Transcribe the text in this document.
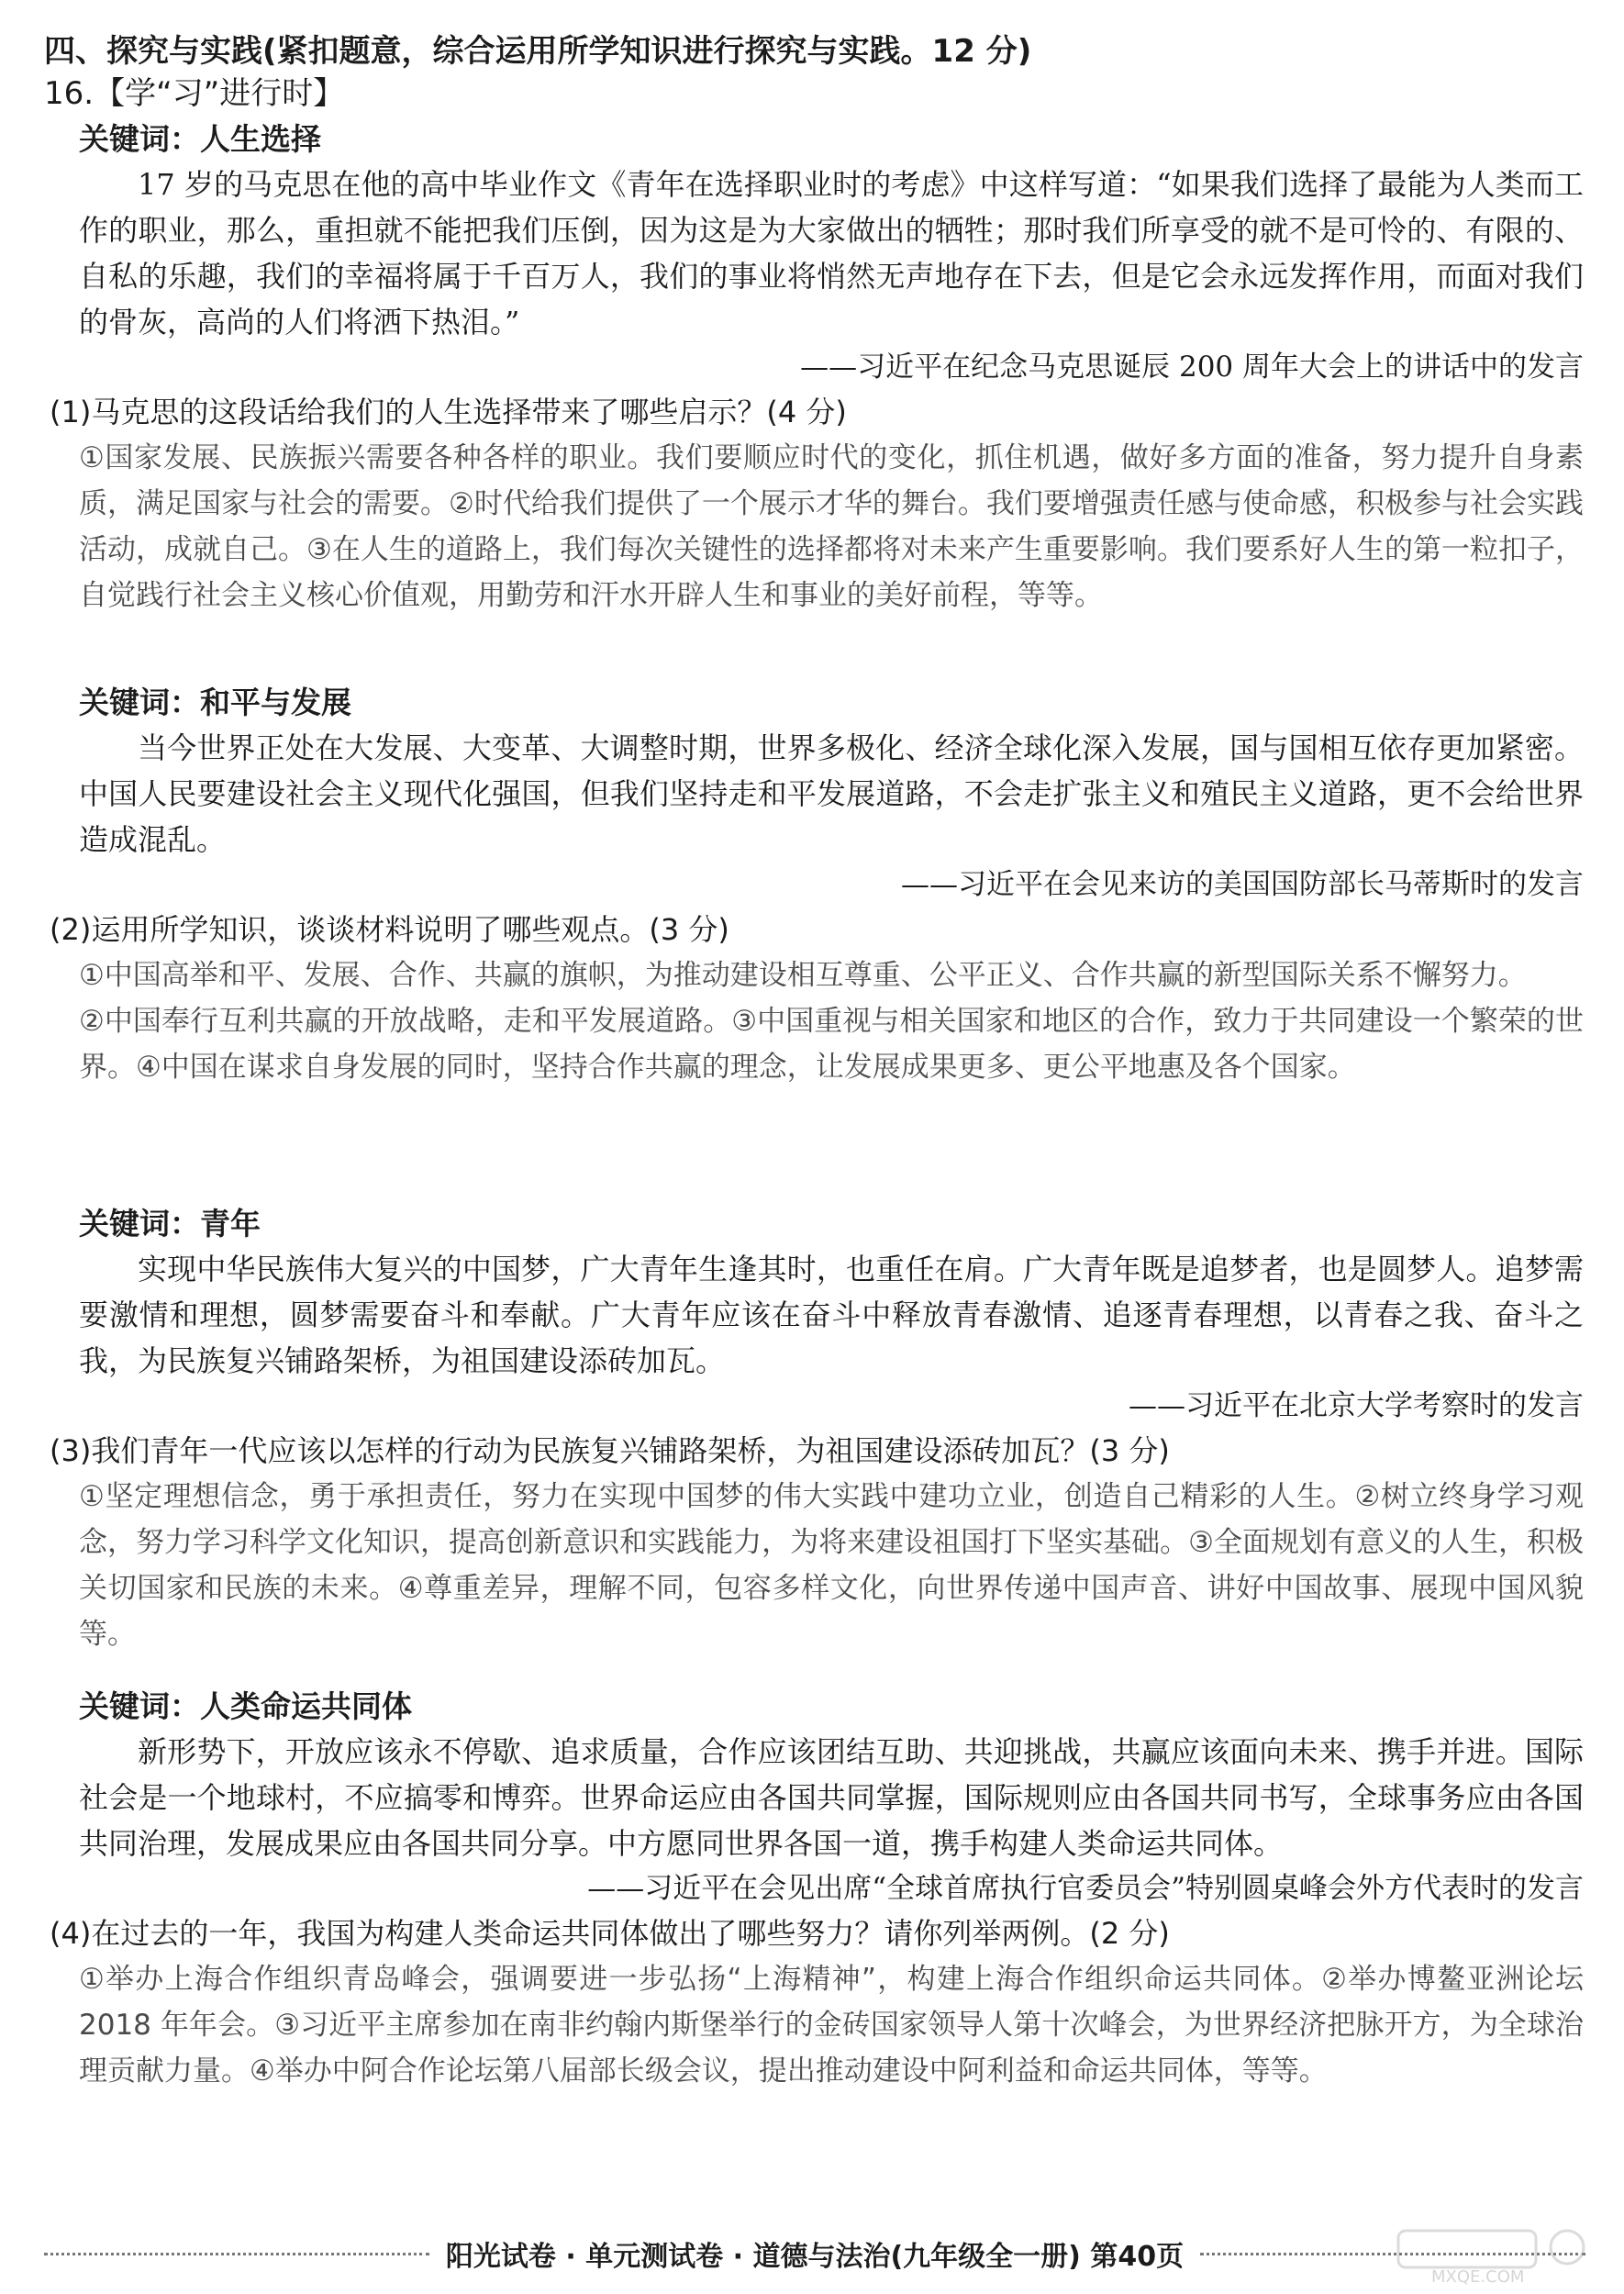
四、探究与实践(紧扣题意，综合运用所学知识进行探究与实践。12 分)
16.【学“习”进行时】
关键词：人生选择
17 岁的马克思在他的高中毕业作文《青年在选择职业时的考虑》中这样写道：“如果我们选择了最能为人类而工作的职业，那么，重担就不能把我们压倒，因为这是为大家做出的牺牲；那时我们所享受的就不是可怜的、有限的、自私的乐趣，我们的幸福将属于千百万人，我们的事业将悄然无声地存在下去，但是它会永远发挥作用，而面对我们的骨灰，高尚的人们将洒下热泪。”
——习近平在纪念马克思诞辰 200 周年大会上的讲话中的发言
(1)马克思的这段话给我们的人生选择带来了哪些启示？(4 分)
①国家发展、民族振兴需要各种各样的职业。我们要顺应时代的变化，抓住机遇，做好多方面的准备，努力提升自身素质，满足国家与社会的需要。②时代给我们提供了一个展示才华的舞台。我们要增强责任感与使命感，积极参与社会实践活动，成就自己。③在人生的道路上，我们每次关键性的选择都将对未来产生重要影响。我们要系好人生的第一粒扣子，自觉践行社会主义核心价值观，用勤劳和汗水开辟人生和事业的美好前程，等等。
关键词：和平与发展
当今世界正处在大发展、大变革、大调整时期，世界多极化、经济全球化深入发展，国与国相互依存更加紧密。中国人民要建设社会主义现代化强国，但我们坚持走和平发展道路，不会走扩张主义和殖民主义道路，更不会给世界造成混乱。
——习近平在会见来访的美国国防部长马蒂斯时的发言
(2)运用所学知识，谈谈材料说明了哪些观点。(3 分)
①中国高举和平、发展、合作、共赢的旗帜，为推动建设相互尊重、公平正义、合作共赢的新型国际关系不懈努力。
②中国奉行互利共赢的开放战略，走和平发展道路。③中国重视与相关国家和地区的合作，致力于共同建设一个繁荣的世界。④中国在谋求自身发展的同时，坚持合作共赢的理念，让发展成果更多、更公平地惠及各个国家。
关键词：青年
实现中华民族伟大复兴的中国梦，广大青年生逢其时，也重任在肩。广大青年既是追梦者，也是圆梦人。追梦需要激情和理想，圆梦需要奋斗和奉献。广大青年应该在奋斗中释放青春激情、追逐青春理想，以青春之我、奋斗之我，为民族复兴铺路架桥，为祖国建设添砖加瓦。
——习近平在北京大学考察时的发言
(3)我们青年一代应该以怎样的行动为民族复兴铺路架桥，为祖国建设添砖加瓦？(3 分)
①坚定理想信念，勇于承担责任，努力在实现中国梦的伟大实践中建功立业，创造自己精彩的人生。②树立终身学习观念，努力学习科学文化知识，提高创新意识和实践能力，为将来建设祖国打下坚实基础。③全面规划有意义的人生，积极关切国家和民族的未来。④尊重差异，理解不同，包容多样文化，向世界传递中国声音、讲好中国故事、展现中国风貌等。
关键词：人类命运共同体
新形势下，开放应该永不停歇、追求质量，合作应该团结互助、共迎挑战，共赢应该面向未来、携手并进。国际社会是一个地球村，不应搞零和博弈。世界命运应由各国共同掌握，国际规则应由各国共同书写，全球事务应由各国共同治理，发展成果应由各国共同分享。中方愿同世界各国一道，携手构建人类命运共同体。
——习近平在会见出席“全球首席执行官委员会”特别圆桌峰会外方代表时的发言
(4)在过去的一年，我国为构建人类命运共同体做出了哪些努力？请你列举两例。(2 分)
①举办上海合作组织青岛峰会，强调要进一步弘扬“上海精神”，构建上海合作组织命运共同体。②举办博鳌亚洲论坛 2018 年年会。③习近平主席参加在南非约翰内斯堡举行的金砖国家领导人第十次峰会，为世界经济把脉开方，为全球治理贡献力量。④举办中阿合作论坛第八届部长级会议，提出推动建设中阿利益和命运共同体，等等。
阳光试卷 · 单元测试卷 · 道德与法治(九年级全一册) 第40页
MXQE.COM
